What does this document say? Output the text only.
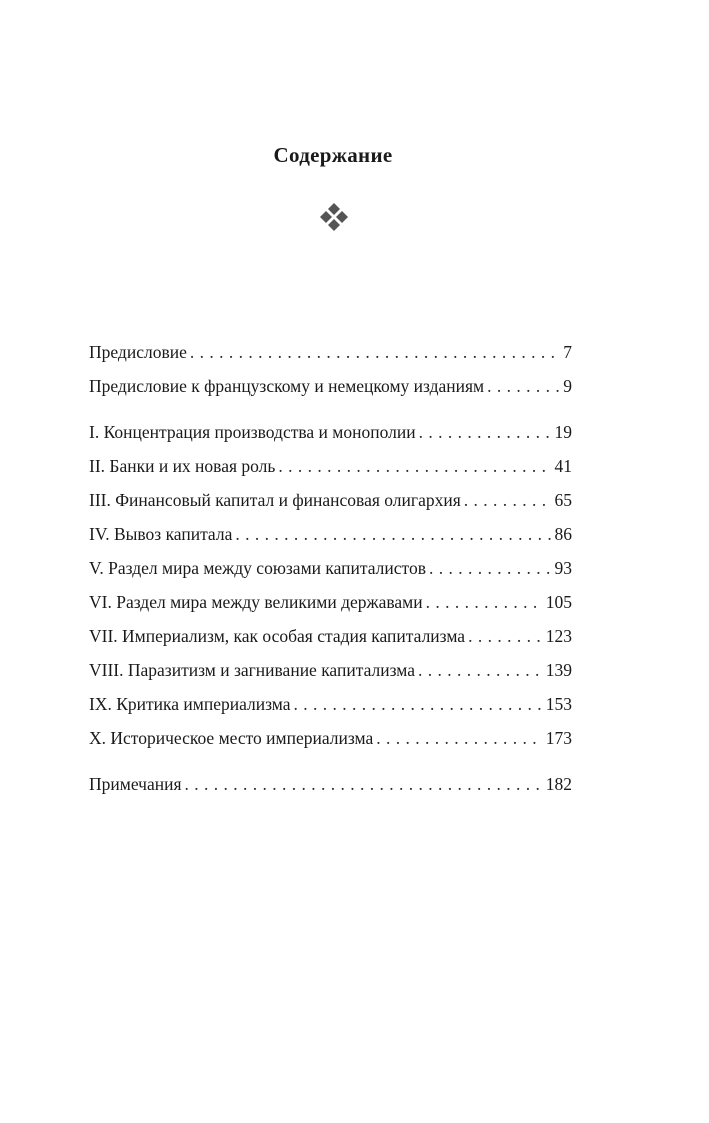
Содержание
Предисловие . . .	7
Предисловие к французскому и немецкому изданиям . . .	9
I. Концентрация производства и монополии . . .	19
II. Банки и их новая роль . . .	41
III. Финансовый капитал и финансовая олигархия . . .	65
IV. Вывоз капитала . . .	86
V. Раздел мира между союзами капиталистов . . .	93
VI. Раздел мира между великими державами . . .	105
VII. Империализм, как особая стадия капитализма . . .	123
VIII. Паразитизм и загнивание капитализма . . .	139
IX. Критика империализма . . .	153
X. Историческое место империализма . . .	173
Примечания . . .	182
